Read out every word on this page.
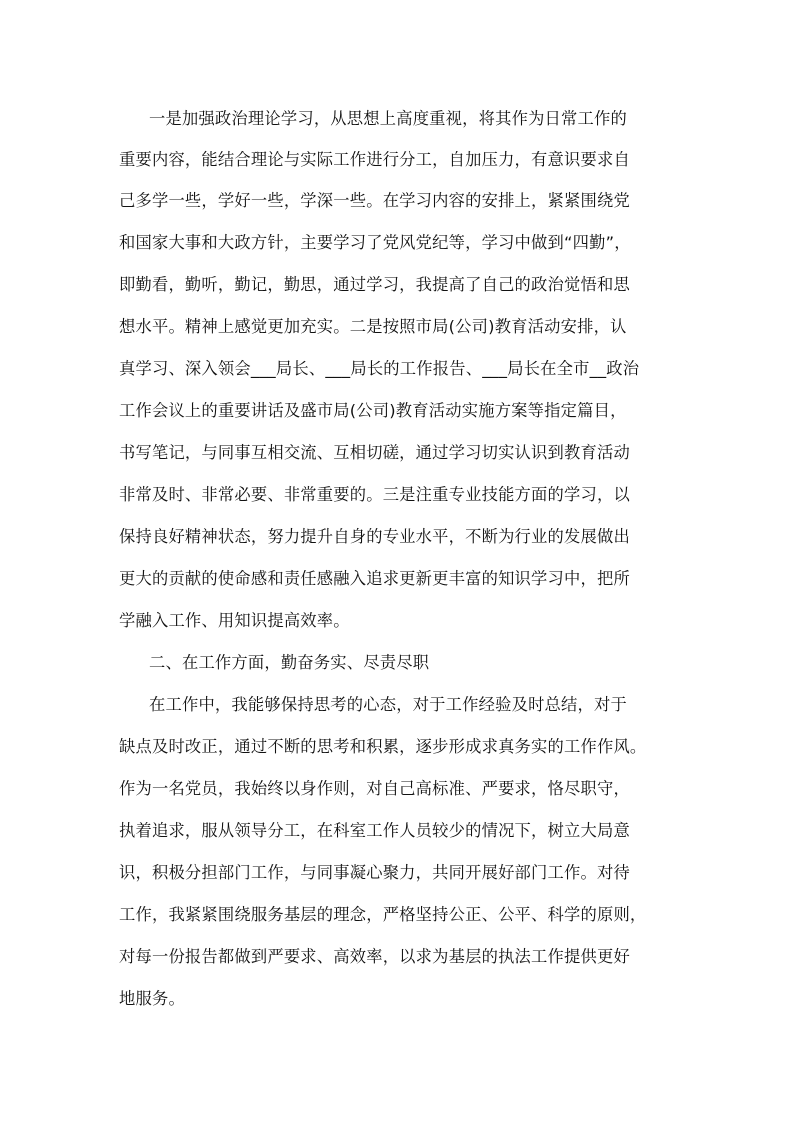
一是加强政治理论学习，从思想上高度重视，将其作为日常工作的
重要内容，能结合理论与实际工作进行分工，自加压力，有意识要求自
己多学一些，学好一些，学深一些。在学习内容的安排上，紧紧围绕党
和国家大事和大政方针，主要学习了党风党纪等，学习中做到“四勤”，
即勤看，勤听，勤记，勤思，通过学习，我提高了自己的政治觉悟和思
想水平。精神上感觉更加充实。二是按照市局(公司)教育活动安排，认
真学习、深入领会___局长、___局长的工作报告、___局长在全市__政治
工作会议上的重要讲话及盛市局(公司)教育活动实施方案等指定篇目，
书写笔记，与同事互相交流、互相切磋，通过学习切实认识到教育活动
非常及时、非常必要、非常重要的。三是注重专业技能方面的学习，以
保持良好精神状态，努力提升自身的专业水平，不断为行业的发展做出
更大的贡献的使命感和责任感融入追求更新更丰富的知识学习中，把所
学融入工作、用知识提高效率。
二、在工作方面，勤奋务实、尽责尽职
在工作中，我能够保持思考的心态，对于工作经验及时总结，对于
缺点及时改正，通过不断的思考和积累，逐步形成求真务实的工作作风。
作为一名党员，我始终以身作则，对自己高标准、严要求，恪尽职守，
执着追求，服从领导分工，在科室工作人员较少的情况下，树立大局意
识，积极分担部门工作，与同事凝心聚力，共同开展好部门工作。对待
工作，我紧紧围绕服务基层的理念，严格坚持公正、公平、科学的原则，
对每一份报告都做到严要求、高效率，以求为基层的执法工作提供更好
地服务。
